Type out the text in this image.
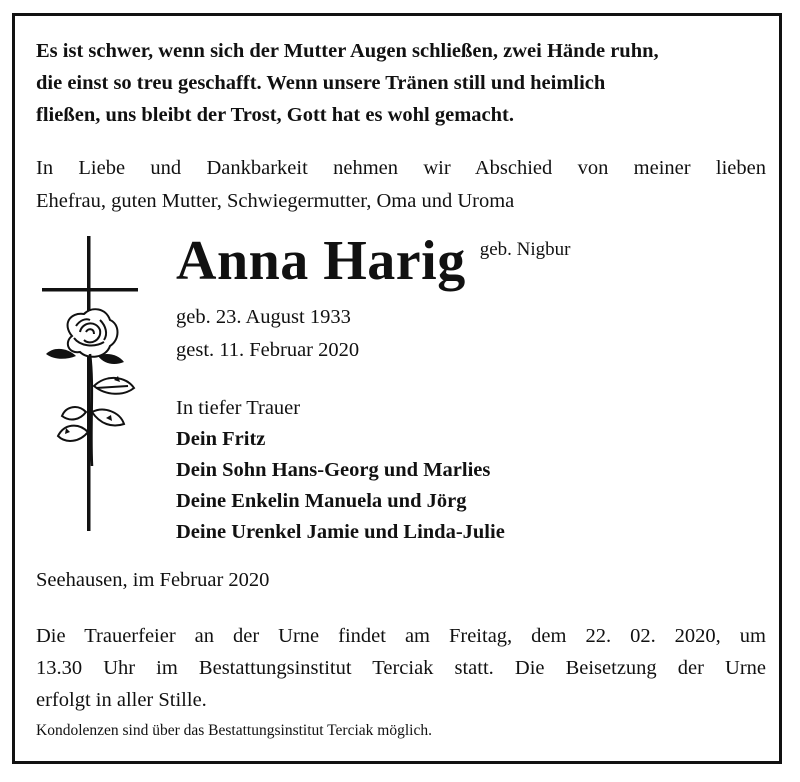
Es ist schwer, wenn sich der Mutter Augen schließen, zwei Hände ruhn,
die einst so treu geschafft. Wenn unsere Tränen still und heimlich
fließen, uns bleibt der Trost, Gott hat es wohl gemacht.
In Liebe und Dankbarkeit nehmen wir Abschied von meiner lieben
Ehefrau, guten Mutter, Schwiegermutter, Oma und Uroma
Anna Harig geb. Nigbur
geb. 23. August 1933
gest. 11. Februar 2020
In tiefer Trauer
Dein Fritz
Dein Sohn Hans-Georg und Marlies
Deine Enkelin Manuela und Jörg
Deine Urenkel Jamie und Linda-Julie
Seehausen, im Februar 2020
Die Trauerfeier an der Urne findet am Freitag, dem 22. 02. 2020, um
13.30 Uhr im Bestattungsinstitut Terciak statt. Die Beisetzung der Urne
erfolgt in aller Stille.
Kondolenzen sind über das Bestattungsinstitut Terciak möglich.
